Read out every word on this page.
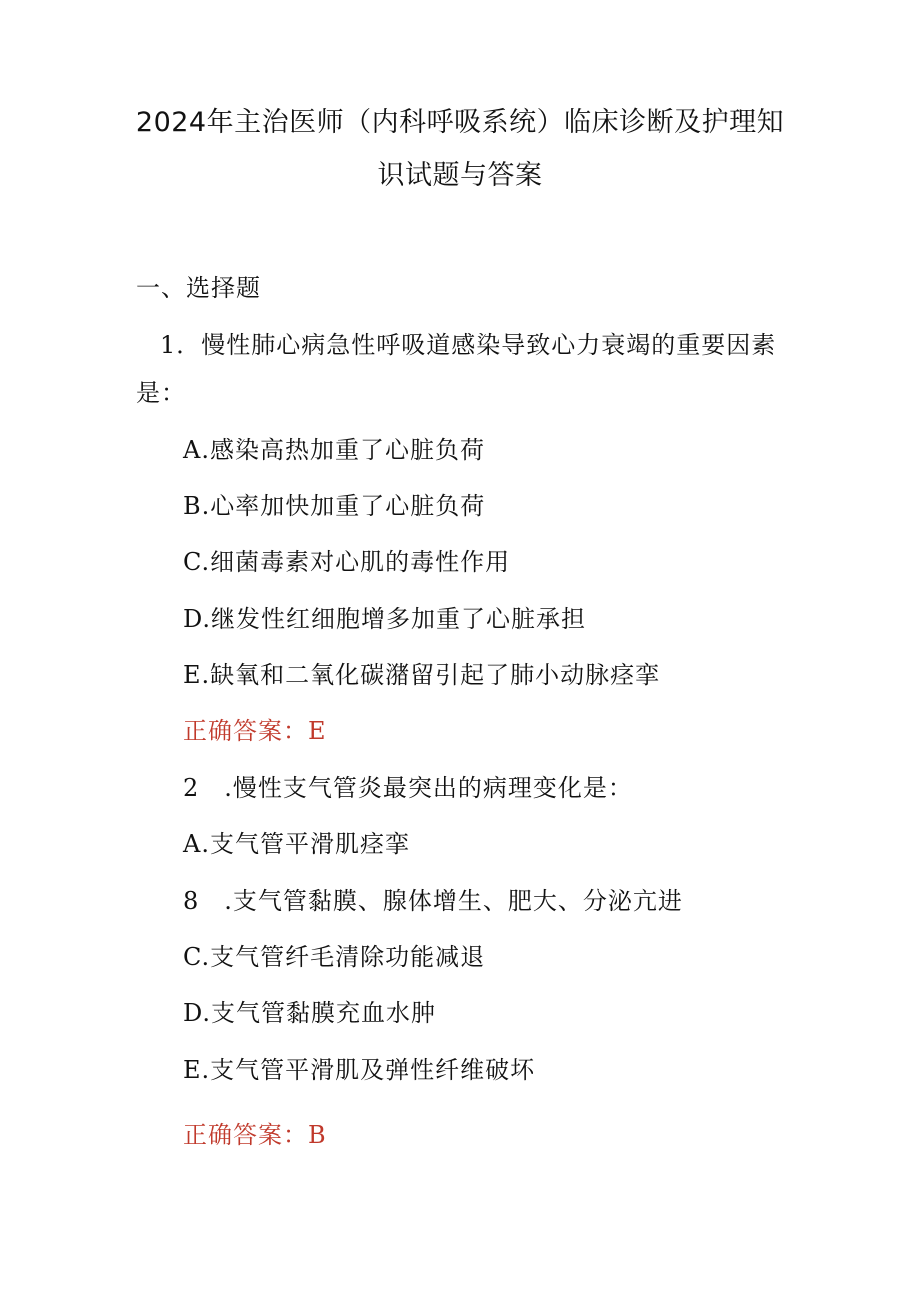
2024年主治医师（内科呼吸系统）临床诊断及护理知
识试题与答案
一、选择题
1．慢性肺心病急性呼吸道感染导致心力衰竭的重要因素
是：
A.感染高热加重了心脏负荷
B.心率加快加重了心脏负荷
C.细菌毒素对心肌的毒性作用
D.继发性红细胞增多加重了心脏承担
E.缺氧和二氧化碳潴留引起了肺小动脉痉挛
正确答案：E
2　.慢性支气管炎最突出的病理变化是：
A.支气管平滑肌痉挛
8　.支气管黏膜、腺体增生、肥大、分泌亢进
C.支气管纤毛清除功能减退
D.支气管黏膜充血水肿
E.支气管平滑肌及弹性纤维破坏
正确答案：B
